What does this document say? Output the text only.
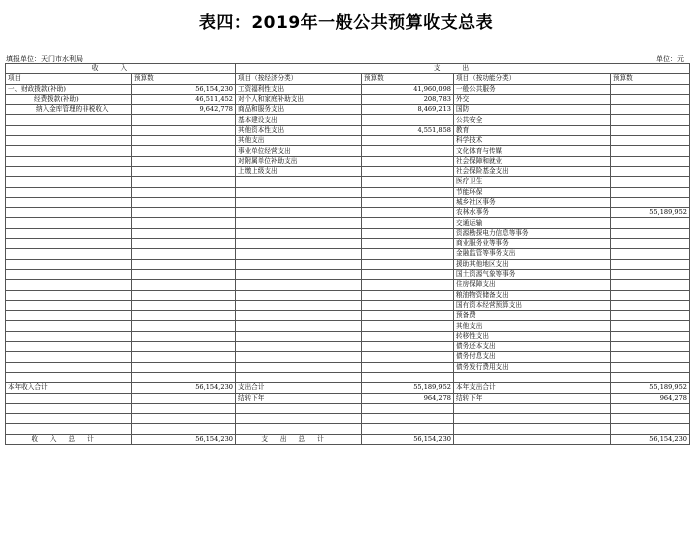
表四：2019年一般公共预算收支总表
填报单位：天门市水利局	单位：元
收入		支出			
项目	预算数	项目（按经济分类）	预算数	项目（按功能分类）	预算数
一、财政拨款(补助)	56,154,230	工资福利性支出	41,960,098	一般公共服务	
经费拨款(补助)	46,511,452	对个人和家庭补助支出	208,783	外交	
纳入金库管理的非税收入	9,642,778	商品和服务支出	8,469,213	国防	
		基本建设支出		公共安全	
		其他资本性支出	4,551,858	教育	
		其他支出		科学技术	
		事业单位经营支出		文化体育与传媒	
		对附属单位补助支出		社会保障和就业	
		上缴上级支出		社会保险基金支出	
				医疗卫生	
				节能环保	
				城乡社区事务	
				农林水事务	55,189,952
				交通运输	
				资源勘探电力信息等事务	
				商业服务业等事务	
				金融监管等事务支出	
				援助其他地区支出	
				国土资源气象等事务	
				住房保障支出	
				粮油物资储备支出	
				国有资本经营预算支出	
				预备费	
				其他支出	
				转移性支出	
				债务还本支出	
				债务付息支出	
				债务发行费用支出	

本年收入合计	56,154,230	支出合计	55,189,952	本年支出合计	55,189,952
		结转下年	964,278	结转下年	964,278

收入总计	56,154,230	支出总计	56,154,230		56,154,230
